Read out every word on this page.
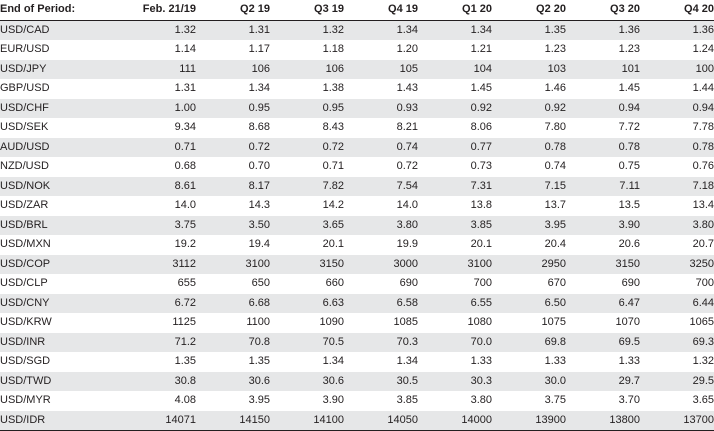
End of Period:	Feb. 21/19	Q2 19	Q3 19	Q4 19	Q1 20	Q2 20	Q3 20	Q4 20
USD/CAD	1.32	1.31	1.32	1.34	1.34	1.35	1.36	1.36
EUR/USD	1.14	1.17	1.18	1.20	1.21	1.23	1.23	1.24
USD/JPY	111	106	106	105	104	103	101	100
GBP/USD	1.31	1.34	1.38	1.43	1.45	1.46	1.45	1.44
USD/CHF	1.00	0.95	0.95	0.93	0.92	0.92	0.94	0.94
USD/SEK	9.34	8.68	8.43	8.21	8.06	7.80	7.72	7.78
AUD/USD	0.71	0.72	0.72	0.74	0.77	0.78	0.78	0.78
NZD/USD	0.68	0.70	0.71	0.72	0.73	0.74	0.75	0.76
USD/NOK	8.61	8.17	7.82	7.54	7.31	7.15	7.11	7.18
USD/ZAR	14.0	14.3	14.2	14.0	13.8	13.7	13.5	13.4
USD/BRL	3.75	3.50	3.65	3.80	3.85	3.95	3.90	3.80
USD/MXN	19.2	19.4	20.1	19.9	20.1	20.4	20.6	20.7
USD/COP	3112	3100	3150	3000	3100	2950	3150	3250
USD/CLP	655	650	660	690	700	670	690	700
USD/CNY	6.72	6.68	6.63	6.58	6.55	6.50	6.47	6.44
USD/KRW	1125	1100	1090	1085	1080	1075	1070	1065
USD/INR	71.2	70.8	70.5	70.3	70.0	69.8	69.5	69.3
USD/SGD	1.35	1.35	1.34	1.34	1.33	1.33	1.33	1.32
USD/TWD	30.8	30.6	30.6	30.5	30.3	30.0	29.7	29.5
USD/MYR	4.08	3.95	3.90	3.85	3.80	3.75	3.70	3.65
USD/IDR	14071	14150	14100	14050	14000	13900	13800	13700
